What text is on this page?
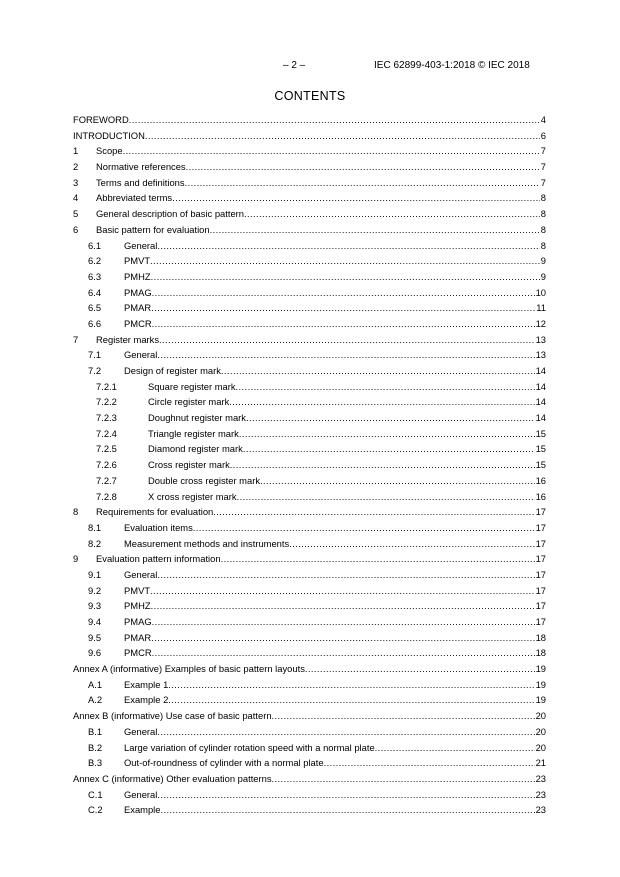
– 2 –	IEC 62899-403-1:2018 © IEC 2018
CONTENTS
FOREWORD .....	4
INTRODUCTION .....	6
1 Scope .....	7
2 Normative references .....	7
3 Terms and definitions .....	7
4 Abbreviated terms .....	8
5 General description of basic pattern .....	8
6 Basic pattern for evaluation .....	8
6.1 General .....	8
6.2 PMVT .....	9
6.3 PMHZ .....	9
6.4 PMAG .....	10
6.5 PMAR .....	11
6.6 PMCR .....	12
7 Register marks .....	13
7.1 General .....	13
7.2 Design of register mark .....	14
7.2.1	Square register mark .....	14
7.2.2	Circle register mark .....	14
7.2.3	Doughnut register mark .....	14
7.2.4	Triangle register mark .....	15
7.2.5	Diamond register mark .....	15
7.2.6	Cross register mark .....	15
7.2.7	Double cross register mark .....	16
7.2.8	X cross register mark .....	16
8 Requirements for evaluation .....	17
8.1 Evaluation items .....	17
8.2 Measurement methods and instruments .....	17
9 Evaluation pattern information .....	17
9.1 General .....	17
9.2 PMVT .....	17
9.3 PMHZ .....	17
9.4 PMAG .....	17
9.5 PMAR .....	18
9.6 PMCR .....	18
Annex A (informative) Examples of basic pattern layouts .....	19
A.1 Example 1 .....	19
A.2 Example 2 .....	19
Annex B (informative) Use case of basic pattern .....	20
B.1 General .....	20
B.2 Large variation of cylinder rotation speed with a normal plate .....	20
B.3 Out-of-roundness of cylinder with a normal plate .....	21
Annex C (informative) Other evaluation patterns .....	23
C.1 General .....	23
C.2 Example .....	23
